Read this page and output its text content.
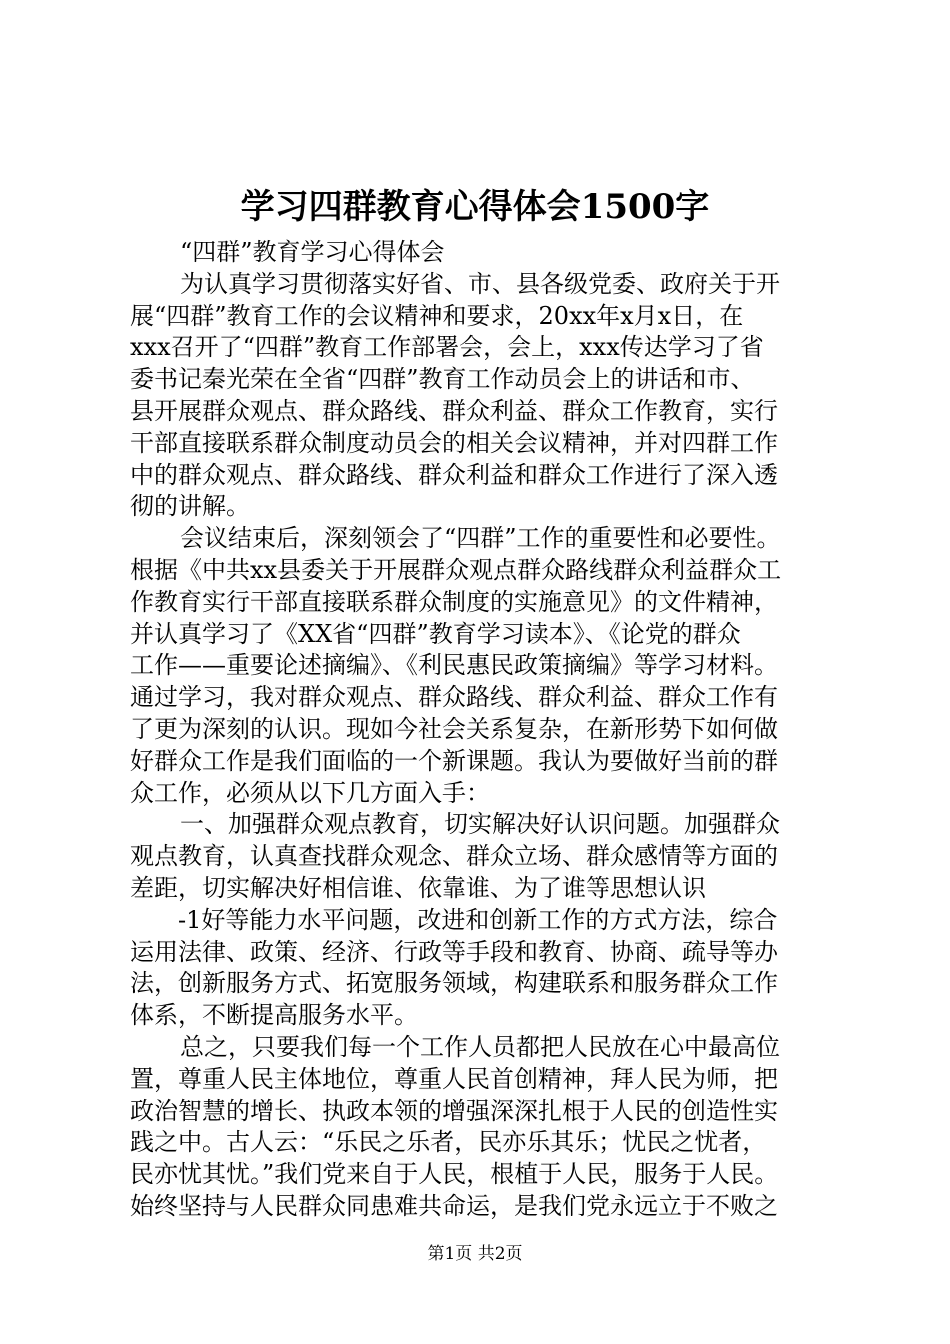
学习四群教育心得体会1500字
“四群”教育学习心得体会
为认真学习贯彻落实好省、市、县各级党委、政府关于开
展“四群”教育工作的会议精神和要求，20xx年x月x日，在
xxx召开了“四群”教育工作部署会，会上，xxx传达学习了省
委书记秦光荣在全省“四群”教育工作动员会上的讲话和市、
县开展群众观点、群众路线、群众利益、群众工作教育，实行
干部直接联系群众制度动员会的相关会议精神，并对四群工作
中的群众观点、群众路线、群众利益和群众工作进行了深入透
彻的讲解。
会议结束后，深刻领会了“四群”工作的重要性和必要性。
根据《中共xx县委关于开展群众观点群众路线群众利益群众工
作教育实行干部直接联系群众制度的实施意见》的文件精神，
并认真学习了《XX省“四群”教育学习读本》、《论党的群众
工作——重要论述摘编》、《利民惠民政策摘编》等学习材料。
通过学习，我对群众观点、群众路线、群众利益、群众工作有
了更为深刻的认识。现如今社会关系复杂，在新形势下如何做
好群众工作是我们面临的一个新课题。我认为要做好当前的群
众工作，必须从以下几方面入手：
一、加强群众观点教育，切实解决好认识问题。加强群众
观点教育，认真查找群众观念、群众立场、群众感情等方面的
差距，切实解决好相信谁、依靠谁、为了谁等思想认识
-1好等能力水平问题，改进和创新工作的方式方法，综合
运用法律、政策、经济、行政等手段和教育、协商、疏导等办
法，创新服务方式、拓宽服务领域，构建联系和服务群众工作
体系，不断提高服务水平。
总之，只要我们每一个工作人员都把人民放在心中最高位
置，尊重人民主体地位，尊重人民首创精神，拜人民为师，把
政治智慧的增长、执政本领的增强深深扎根于人民的创造性实
践之中。古人云：“乐民之乐者，民亦乐其乐；忧民之忧者，
民亦忧其忧。”我们党来自于人民，根植于人民，服务于人民。
始终坚持与人民群众同患难共命运，是我们党永远立于不败之
第1页 共2页
